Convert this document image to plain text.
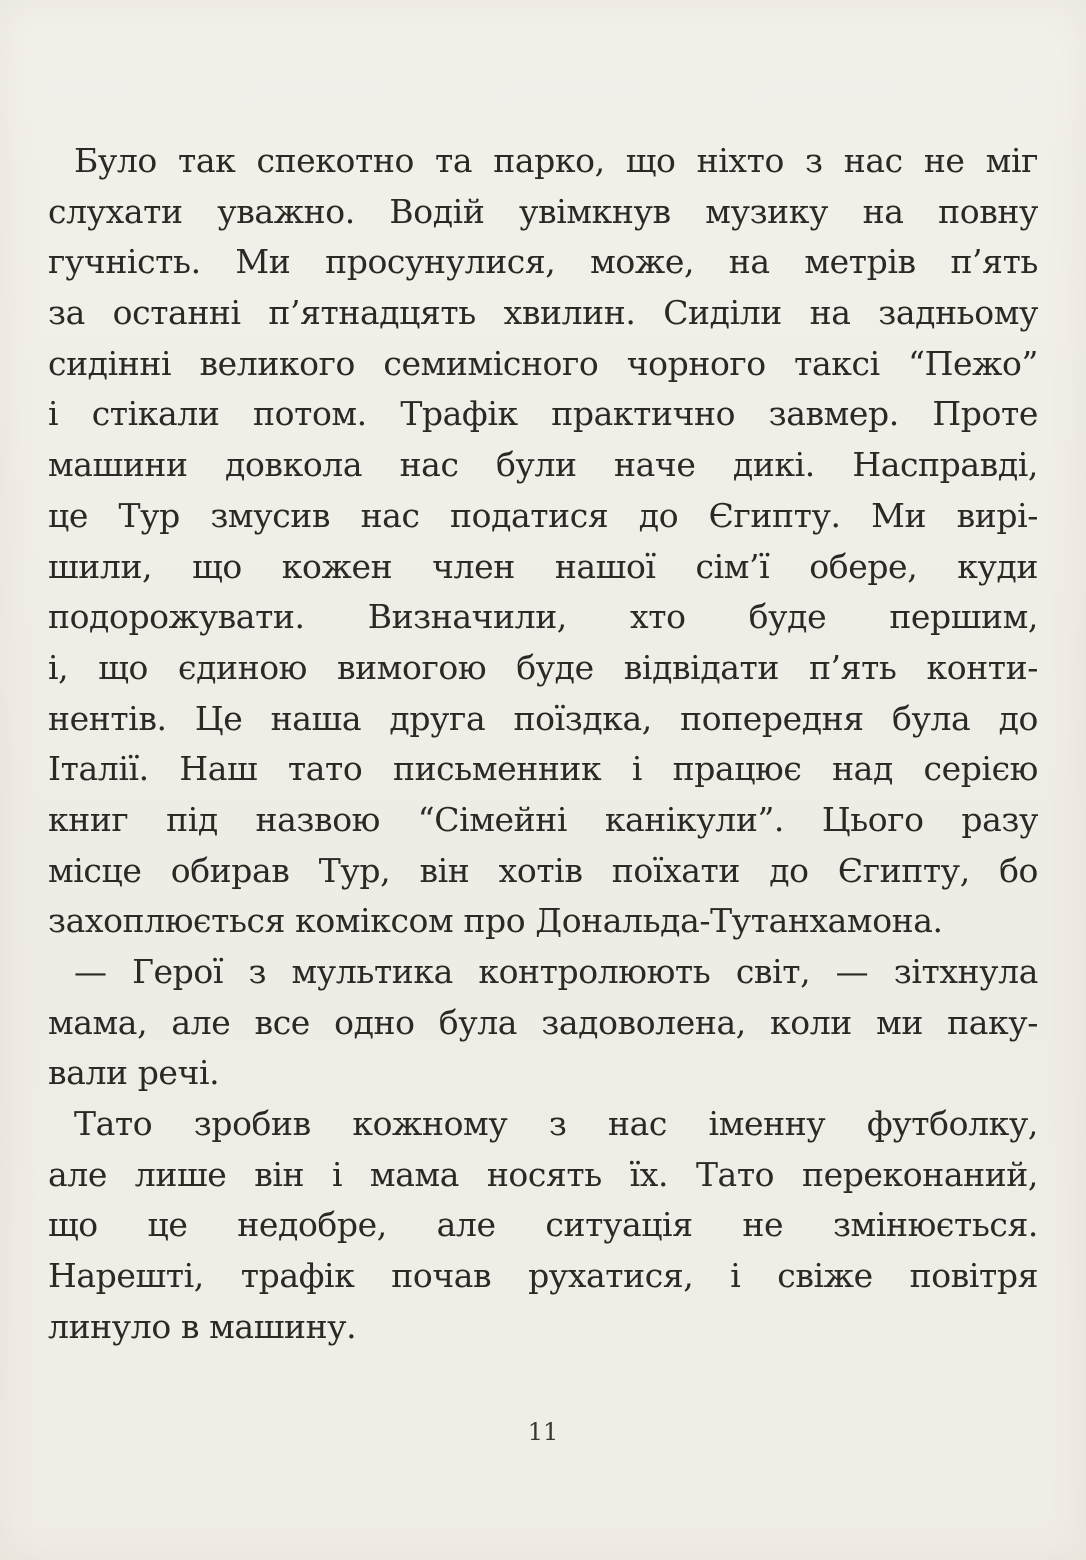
Було так спекотно та парко, що ніхто з нас не міг
слухати уважно. Водій увімкнув музику на повну
гучність. Ми просунулися, може, на метрів п’ять
за останні п’ятнадцять хвилин. Сиділи на задньому
сидінні великого семимісного чорного таксі “Пежо”
і стікали потом. Трафік практично завмер. Проте
машини довкола нас були наче дикі. Насправді,
це Тур змусив нас податися до Єгипту. Ми вирі-
шили, що кожен член нашої сім’ї обере, куди
подорожувати. Визначили, хто буде першим,
і, що єдиною вимогою буде відвідати п’ять конти-
нентів. Це наша друга поїздка, попередня була до
Італії. Наш тато письменник і працює над серією
книг під назвою “Сімейні канікули”. Цього разу
місце обирав Тур, він хотів поїхати до Єгипту, бо
захоплюється коміксом про Дональда-Тутанхамона.
— Герої з мультика контролюють світ, — зітхнула
мама, але все одно була задоволена, коли ми паку-
вали речі.
Тато зробив кожному з нас іменну футболку,
але лише він і мама носять їх. Тато переконаний,
що це недобре, але ситуація не змінюється.
Нарешті, трафік почав рухатися, і свіже повітря
линуло в машину.
11
